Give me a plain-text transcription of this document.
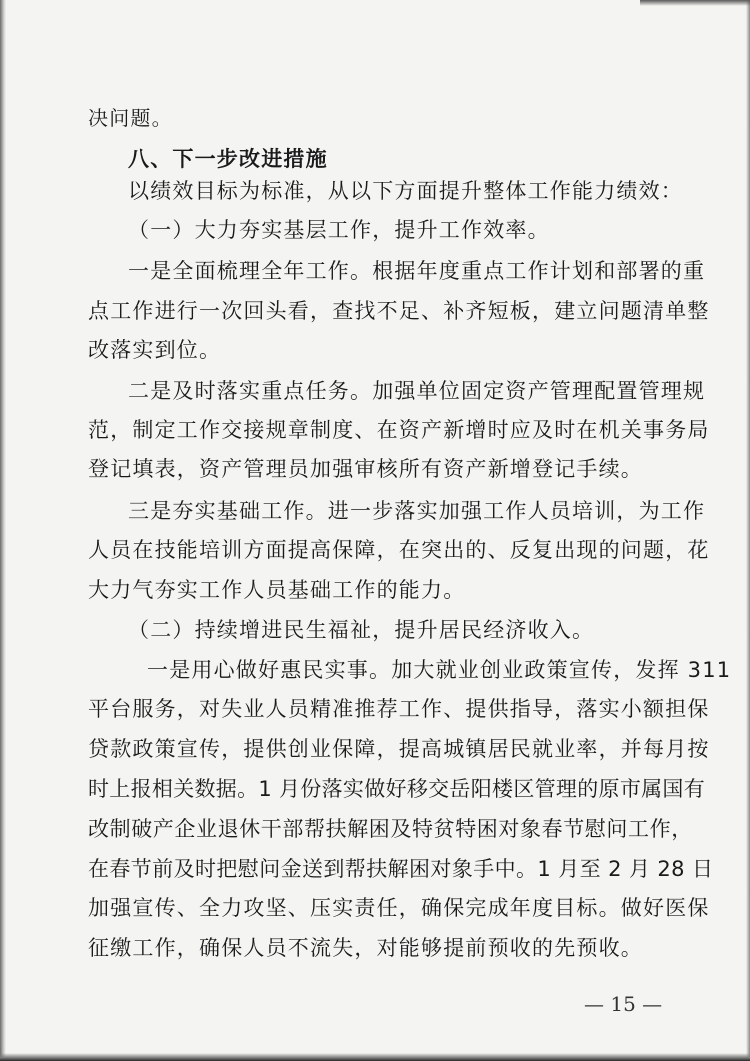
决问题。
八、下一步改进措施
以绩效目标为标准，从以下方面提升整体工作能力绩效：
（一）大力夯实基层工作，提升工作效率。
一是全面梳理全年工作。根据年度重点工作计划和部署的重
点工作进行一次回头看，查找不足、补齐短板，建立问题清单整
改落实到位。
二是及时落实重点任务。加强单位固定资产管理配置管理规
范，制定工作交接规章制度、在资产新增时应及时在机关事务局
登记填表，资产管理员加强审核所有资产新增登记手续。
三是夯实基础工作。进一步落实加强工作人员培训，为工作
人员在技能培训方面提高保障，在突出的、反复出现的问题，花
大力气夯实工作人员基础工作的能力。
（二）持续增进民生福祉，提升居民经济收入。
一是用心做好惠民实事。加大就业创业政策宣传，发挥 311
平台服务，对失业人员精准推荐工作、提供指导，落实小额担保
贷款政策宣传，提供创业保障，提高城镇居民就业率，并每月按
时上报相关数据。1 月份落实做好移交岳阳楼区管理的原市属国有
改制破产企业退休干部帮扶解困及特贫特困对象春节慰问工作，
在春节前及时把慰问金送到帮扶解困对象手中。1 月至 2 月 28 日
加强宣传、全力攻坚、压实责任，确保完成年度目标。做好医保
征缴工作，确保人员不流失，对能够提前预收的先预收。
— 15 —
